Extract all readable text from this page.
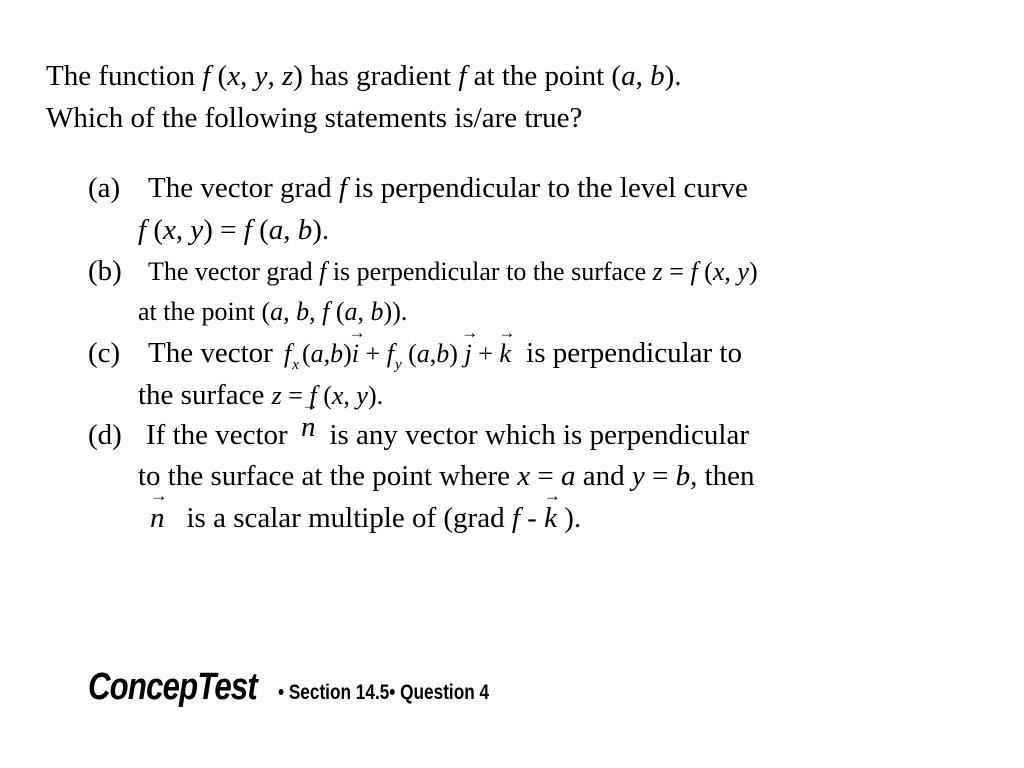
The function f (x, y, z) has gradient f at the point (a, b).
Which of the following statements is/are true?
(a) The vector grad f is perpendicular to the level curve
f (x, y) = f (a, b).
(b) The vector grad f is perpendicular to the surface z = f (x, y)
at the point (a, b, f (a, b)).
(c) The vector $f_x$ $(a,b)\to i + f_y$ (a,b) → j + → k is perpendicular to
the surface z = f (x, y).
(d) If the vector → n is any vector which is perpendicular
to the surface at the point where x = a and y = b, then
→ n is a scalar multiple of (grad f - → k ).
ConcepTest• Section 14.5• Question 4
